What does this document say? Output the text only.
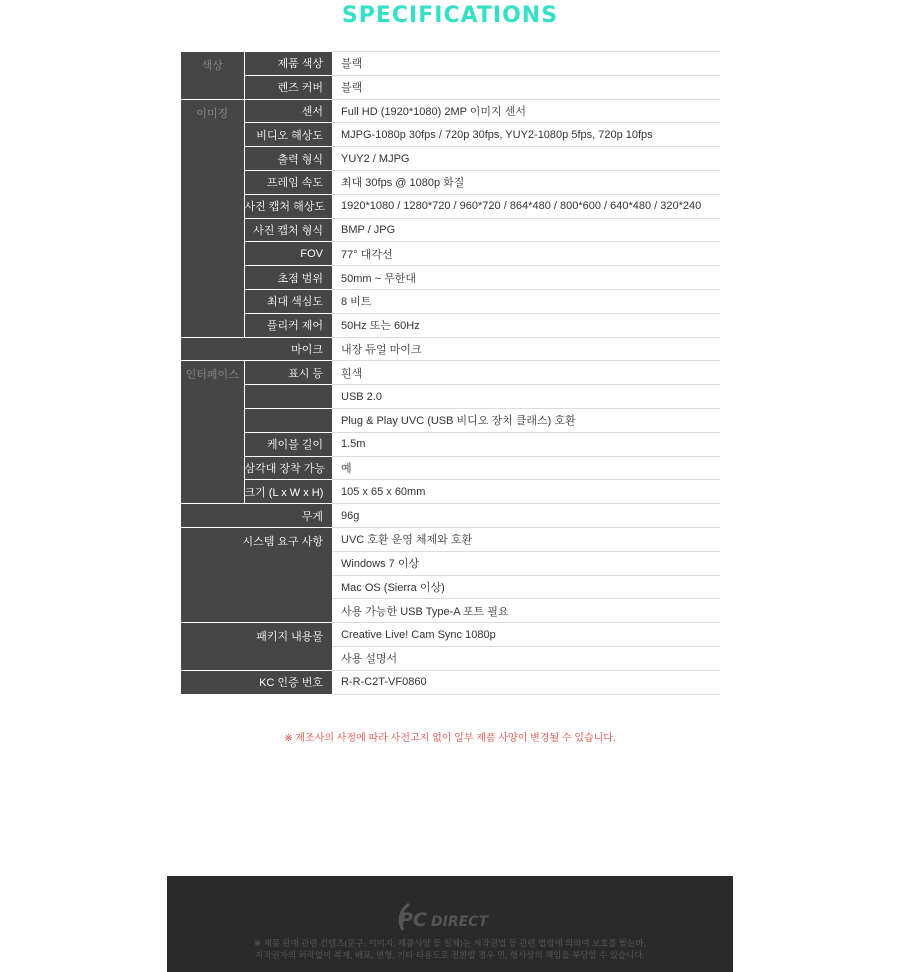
SPECIFICATIONS
색상	제품 색상	블랙
	렌즈 커버	블랙
이미징	센서	Full HD (1920*1080) 2MP 이미지 센서
	비디오 해상도	MJPG-1080p 30fps / 720p 30fps, YUY2-1080p 5fps, 720p 10fps
	출력 형식	YUY2 / MJPG
	프레임 속도	최대 30fps @ 1080p 화질
	사진 캡처 해상도	1920*1080 / 1280*720 / 960*720 / 864*480 / 800*600 / 640*480 / 320*240
	사진 캡처 형식	BMP / JPG
	FOV	77° 대각선
	초점 범위	50mm ~ 무한대
	최대 색심도	8 비트
	플리커 제어	50Hz 또는 60Hz
마이크		내장 듀얼 마이크
인터페이스	표시 등	흰색
		USB 2.0
		Plug & Play UVC (USB 비디오 장치 클래스) 호환
	케이블 길이	1.5m
	삼각대 장착 가능	예
	크기 (L x W x H)	105 x 65 x 60mm
무게		96g
시스템 요구 사항		UVC 호환 운영 체제와 호환
		Windows 7 이상
		Mac OS (Sierra 이상)
		사용 가능한 USB Type-A 포트 필요
패키지 내용물		Creative Live! Cam Sync 1080p
		사용 설명서
KC 인증 번호		R-R-C2T-VF0860
※ 제조사의 사정에 따라 사전고지 없이 일부 제품 사양이 변경될 수 있습니다.
PC DIRECT
※ 제품 판매 관련 컨텐츠(문구, 이미지, 제품사양 등 일체)는 저작권법 등 관련 법령에 의하여 보호를 받는바,
저작권자의 허락없이 복제, 배포, 변형, 기타 타용도로 전환할 경우 민, 형사상의 책임을 부담할 수 있습니다.
